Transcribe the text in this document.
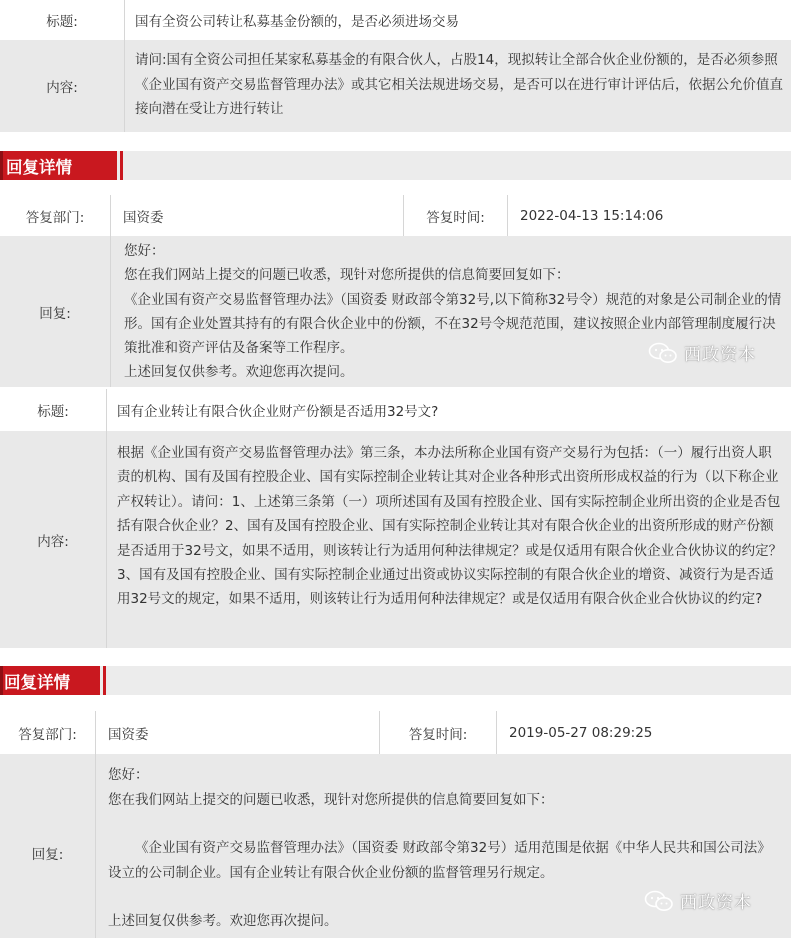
标题:	国有全资公司转让私募基金份额的，是否必须进场交易
内容:

请问:国有全资公司担任某家私募基金的有限合伙人，占股14，现拟转让全部合伙企业份额的，是否必须参照《企业国有资产交易监督管理办法》或其它相关法规进场交易，是否可以在进行审计评估后，依据公允价值直接向潜在受让方进行转让

回复详情
答复部门:	国资委	答复时间:	2022-04-13 15:14:06
回复:

您好：

您在我们网站上提交的问题已收悉，现针对您所提供的信息简要回复如下：

《企业国有资产交易监督管理办法》（国资委 财政部令第32号,以下简称32号令）规范的对象是公司制企业的情形。国有企业处置其持有的有限合伙企业中的份额，不在32号令规范范围，建议按照企业内部管理制度履行决策批准和资产评估及备案等工作程序。

上述回复仅供参考。欢迎您再次提问。

西政资本
标题:	国有企业转让有限合伙企业财产份额是否适用32号文?
内容:

根据《企业国有资产交易监督管理办法》第三条，本办法所称企业国有资产交易行为包括：（一）履行出资人职责的机构、国有及国有控股企业、国有实际控制企业转让其对企业各种形式出资所形成权益的行为（以下称企业产权转让）。请问：1、上述第三条第（一）项所述国有及国有控股企业、国有实际控制企业所出资的企业是否包括有限合伙企业？2、国有及国有控股企业、国有实际控制企业转让其对有限合伙企业的出资所形成的财产份额是否适用于32号文，如果不适用，则该转让行为适用何种法律规定？或是仅适用有限合伙企业合伙协议的约定？3、国有及国有控股企业、国有实际控制企业通过出资或协议实际控制的有限合伙企业的增资、减资行为是否适用32号文的规定，如果不适用，则该转让行为适用何种法律规定？或是仅适用有限合伙企业合伙协议的约定?

回复详情
答复部门:	国资委	答复时间:	2019-05-27 08:29:25
回复:

您好：

您在我们网站上提交的问题已收悉，现针对您所提供的信息简要回复如下：

《企业国有资产交易监督管理办法》（国资委 财政部令第32号）适用范围是依据《中华人民共和国公司法》设立的公司制企业。国有企业转让有限合伙企业份额的监督管理另行规定。

上述回复仅供参考。欢迎您再次提问。

西政资本
